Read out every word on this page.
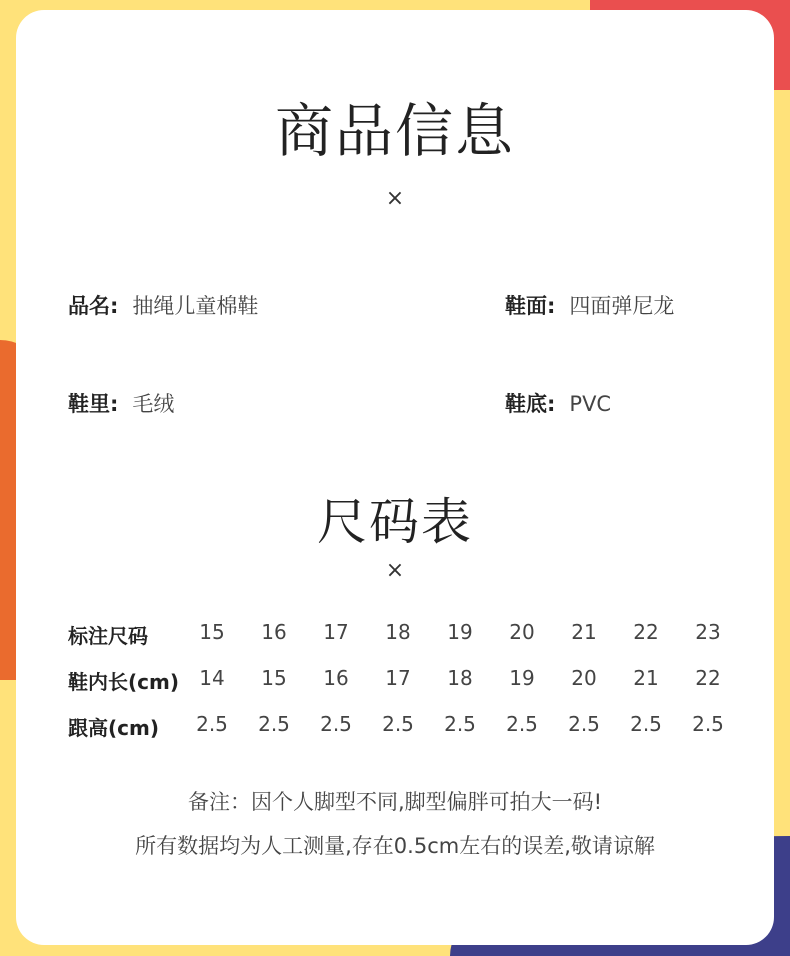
商品信息
×
品名: 抽绳儿童棉鞋	鞋面: 四面弹尼龙
鞋里: 毛绒	鞋底: PVC
尺码表
×
标注尺码	15	16	17	18	19	20	21	22	23
鞋内长(cm)	14	15	16	17	18	19	20	21	22
跟高(cm)	2.5	2.5	2.5	2.5	2.5	2.5	2.5	2.5	2.5
备注：因个人脚型不同,脚型偏胖可拍大一码!
所有数据均为人工测量,存在0.5cm左右的误差,敬请谅解
